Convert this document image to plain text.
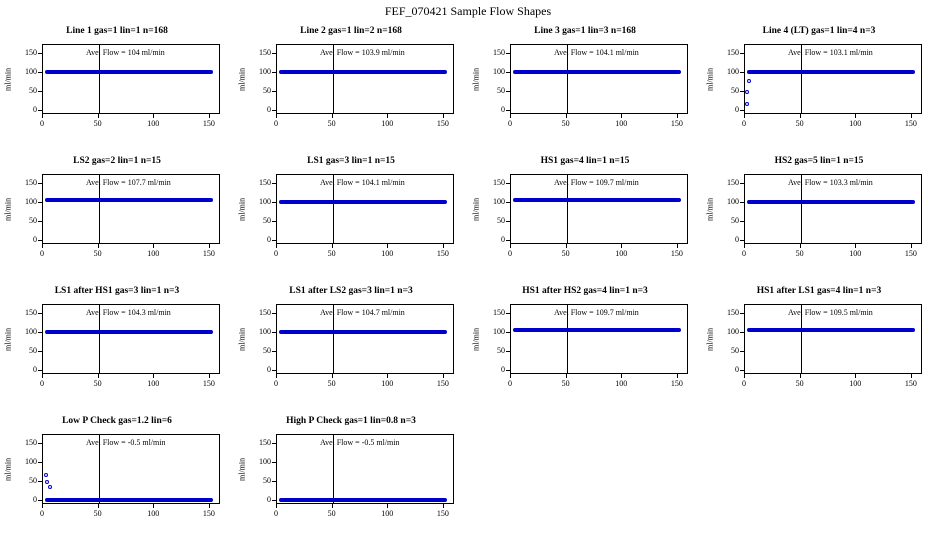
FEF_070421 Sample Flow Shapes
Line 1 gas=1 lin=1 n=168
ml/min
0
50
100
150
0	50	100	150
Ave. Flow = 104 ml/min
Line 2 gas=1 lin=2 n=168
ml/min
0
50
100
150
0	50	100	150
Ave. Flow = 103.9 ml/min
Line 3 gas=1 lin=3 n=168
ml/min
0
50
100
150
0	50	100	150
Ave. Flow = 104.1 ml/min
Line 4 (LT) gas=1 lin=4 n=3
ml/min
0
50
100
150
0	50	100	150
Ave. Flow = 103.1 ml/min
LS2 gas=2 lin=1 n=15
ml/min
0
50
100
150
0	50	100	150
Ave. Flow = 107.7 ml/min
LS1 gas=3 lin=1 n=15
ml/min
0
50
100
150
0	50	100	150
Ave. Flow = 104.1 ml/min
HS1 gas=4 lin=1 n=15
ml/min
0
50
100
150
0	50	100	150
Ave. Flow = 109.7 ml/min
HS2 gas=5 lin=1 n=15
ml/min
0
50
100
150
0	50	100	150
Ave. Flow = 103.3 ml/min
LS1 after HS1 gas=3 lin=1 n=3
ml/min
0
50
100
150
0	50	100	150
Ave. Flow = 104.3 ml/min
LS1 after LS2 gas=3 lin=1 n=3
ml/min
0
50
100
150
0	50	100	150
Ave. Flow = 104.7 ml/min
HS1 after HS2 gas=4 lin=1 n=3
ml/min
0
50
100
150
0	50	100	150
Ave. Flow = 109.7 ml/min
HS1 after LS1 gas=4 lin=1 n=3
ml/min
0
50
100
150
0	50	100	150
Ave. Flow = 109.5 ml/min
Low P Check gas=1.2 lin=6
ml/min
0
50
100
150
0	50	100	150
Ave. Flow = -0.5 ml/min
High P Check gas=1 lin=0.8 n=3
ml/min
0
50
100
150
0	50	100	150
Ave. Flow = -0.5 ml/min
